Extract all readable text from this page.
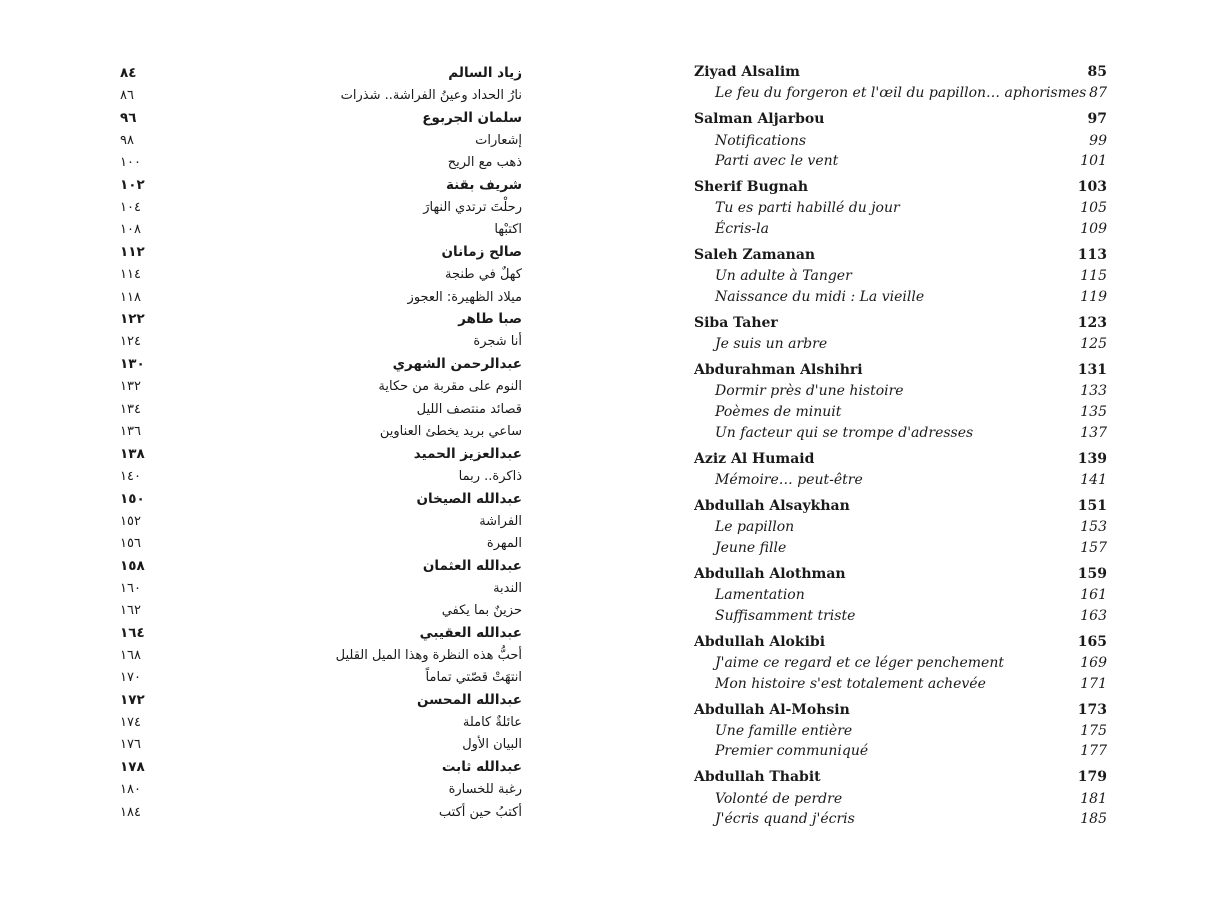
٨٤	زياد السالم
٨٦	نارُ الحداد وعينُ الفراشة.. شذرات
٩٦	سلمان الجربوع
٩٨	إشعارات
١٠٠	ذهب مع الريح
١٠٢	شريف بقنة
١٠٤	رحلْتَ ترتدي النهارَ
١٠٨	اكتبْها
١١٢	صالح زمانان
١١٤	كهلٌ في طنجة
١١٨	ميلاد الظهيرة: العجوز
١٢٢	صبا طاهر
١٢٤	أنا شجرة
١٣٠	عبدالرحمن الشهري
١٣٢	النوم على مقربة من حكاية
١٣٤	قصائد منتصف الليل
١٣٦	ساعي بريد يخطئ العناوين
١٣٨	عبدالعزيز الحميد
١٤٠	ذاكرة.. ربما
١٥٠	عبدالله الصيخان
١٥٢	الفراشة
١٥٦	المهرة
١٥٨	عبدالله العثمان
١٦٠	الندبة
١٦٢	حزينٌ بما يكفي
١٦٤	عبدالله العقيبي
١٦٨	أحبُّ هذه النظرة وهذا الميل القليل
١٧٠	انتهَتْ قصّتي تماماً
١٧٢	عبدالله المحسن
١٧٤	عائلةٌ كاملة
١٧٦	البيان الأول
١٧٨	عبدالله ثابت
١٨٠	رغبة للخسارة
١٨٤	أكتبُ حين أكتب
Ziyad Alsalim	85
Le feu du forgeron et l'œil du papillon… aphorismes 87
Salman Aljarbou	97
Notifications	99
Parti avec le vent	101
Sherif Bugnah	103
Tu es parti habillé du jour	105
Écris-la	109
Saleh Zamanan	113
Un adulte à Tanger	115
Naissance du midi : La vieille	119
Siba Taher	123
Je suis un arbre	125
Abdurahman Alshihri	131
Dormir près d'une histoire	133
Poèmes de minuit	135
Un facteur qui se trompe d'adresses	137
Aziz Al Humaid	139
Mémoire… peut-être	141
Abdullah Alsaykhan	151
Le papillon	153
Jeune fille	157
Abdullah Alothman	159
Lamentation	161
Suffisamment triste	163
Abdullah Alokibi	165
J'aime ce regard et ce léger penchement	169
Mon histoire s'est totalement achevée	171
Abdullah Al-Mohsin	173
Une famille entière	175
Premier communiqué	177
Abdullah Thabit	179
Volonté de perdre	181
J'écris quand j'écris	185
